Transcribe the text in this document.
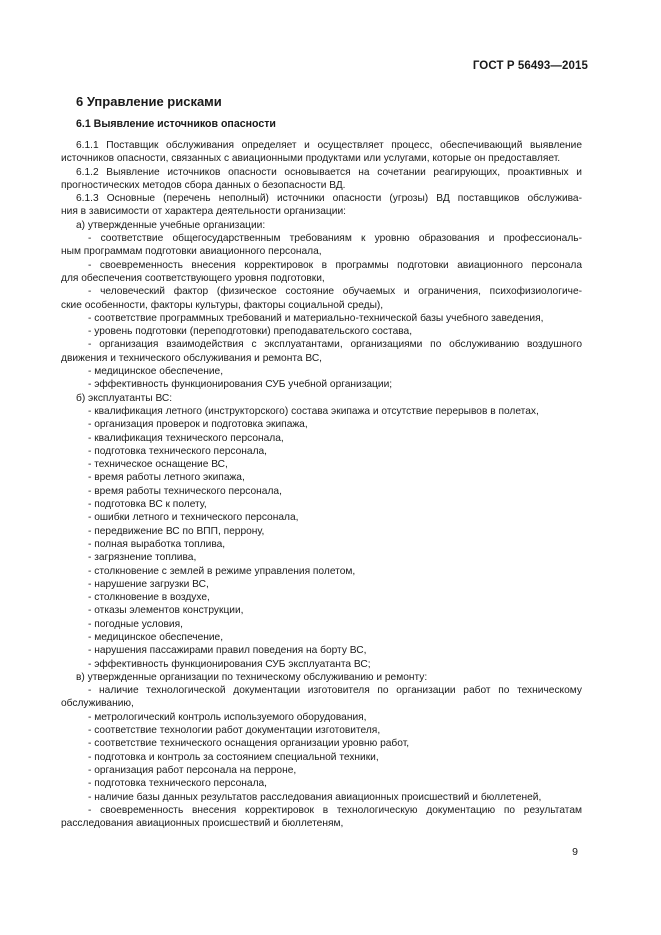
ГОСТ Р 56493—2015
6 Управление рисками
6.1 Выявление источников опасности
6.1.1 Поставщик обслуживания определяет и осуществляет процесс, обеспечивающий выявление
источников опасности, связанных с авиационными продуктами или услугами, которые он предоставляет.
6.1.2 Выявление источников опасности основывается на сочетании реагирующих, проактивных и
прогностических методов сбора данных о безопасности ВД.
6.1.3 Основные (перечень неполный) источники опасности (угрозы) ВД поставщиков обслужива-
ния в зависимости от характера деятельности организации:
а) утвержденные учебные организации:
- соответствие общегосударственным требованиям к уровню образования и профессиональ-
ным программам подготовки авиационного персонала,
- своевременность внесения корректировок в программы подготовки авиационного персонала
для обеспечения соответствующего уровня подготовки,
- человеческий фактор (физическое состояние обучаемых и ограничения, психофизиологиче-
ские особенности, факторы культуры, факторы социальной среды),
- соответствие программных требований и материально-технической базы учебного заведения,
- уровень подготовки (переподготовки) преподавательского состава,
- организация взаимодействия с эксплуатантами, организациями по обслуживанию воздушного
движения и технического обслуживания и ремонта ВС,
- медицинское обеспечение,
- эффективность функционирования СУБ учебной организации;
б) эксплуатанты ВС:
- квалификация летного (инструкторского) состава экипажа и отсутствие перерывов в полетах,
- организация проверок и подготовка экипажа,
- квалификация технического персонала,
- подготовка технического персонала,
- техническое оснащение ВС,
- время работы летного экипажа,
- время работы технического персонала,
- подготовка ВС к полету,
- ошибки летного и технического персонала,
- передвижение ВС по ВПП, перрону,
- полная выработка топлива,
- загрязнение топлива,
- столкновение с землей в режиме управления полетом,
- нарушение загрузки ВС,
- столкновение в воздухе,
- отказы элементов конструкции,
- погодные условия,
- медицинское обеспечение,
- нарушения пассажирами правил поведения на борту ВС,
- эффективность функционирования СУБ эксплуатанта ВС;
в) утвержденные организации по техническому обслуживанию и ремонту:
- наличие технологической документации изготовителя по организации работ по техническому
обслуживанию,
- метрологический контроль используемого оборудования,
- соответствие технологии работ документации изготовителя,
- соответствие технического оснащения организации уровню работ,
- подготовка и контроль за состоянием специальной техники,
- организация работ персонала на перроне,
- подготовка технического персонала,
- наличие базы данных результатов расследования авиационных происшествий и бюллетеней,
- своевременность внесения корректировок в технологическую документацию по результатам
расследования авиационных происшествий и бюллетеням,
9
